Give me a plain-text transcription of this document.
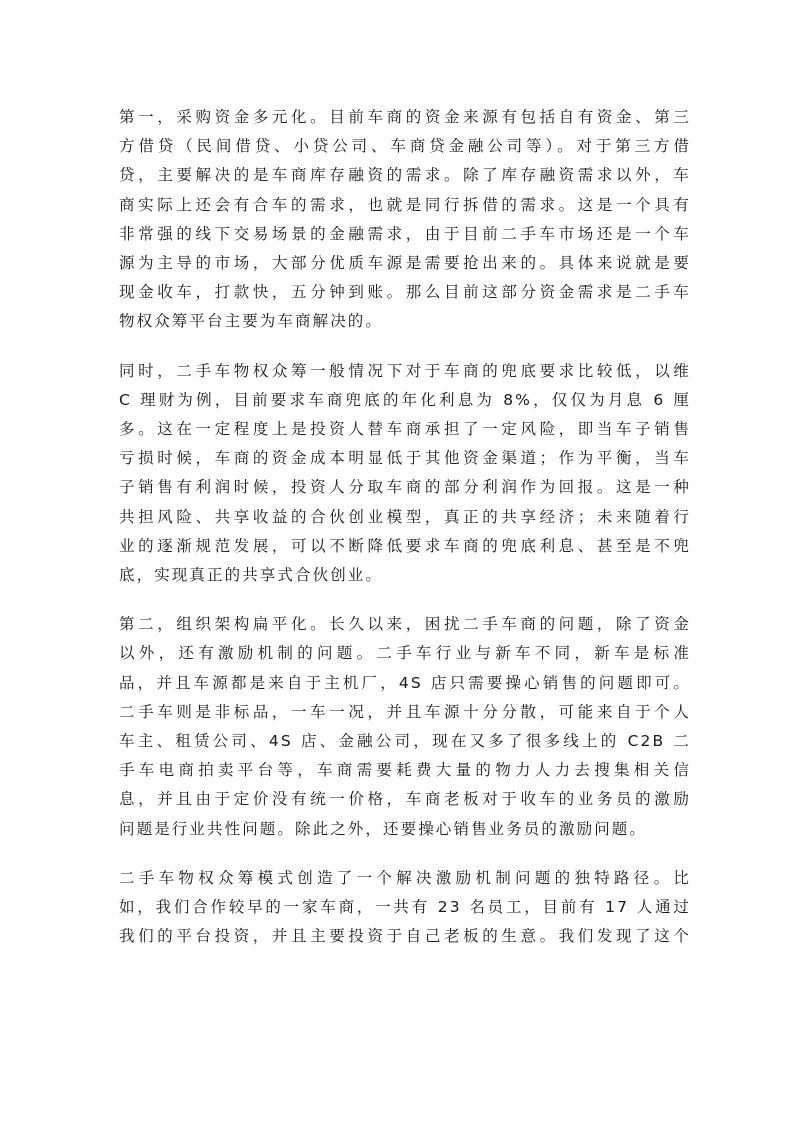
第一，采购资金多元化。目前车商的资金来源有包括自有资金、第三
方借贷（民间借贷、小贷公司、车商贷金融公司等）。对于第三方借
贷，主要解决的是车商库存融资的需求。除了库存融资需求以外，车
商实际上还会有合车的需求，也就是同行拆借的需求。这是一个具有
非常强的线下交易场景的金融需求，由于目前二手车市场还是一个车
源为主导的市场，大部分优质车源是需要抢出来的。具体来说就是要
现金收车，打款快，五分钟到账。那么目前这部分资金需求是二手车
物权众筹平台主要为车商解决的。
同时，二手车物权众筹一般情况下对于车商的兜底要求比较低，以维
C 理财为例，目前要求车商兜底的年化利息为 8%，仅仅为月息 6 厘
多。这在一定程度上是投资人替车商承担了一定风险，即当车子销售
亏损时候，车商的资金成本明显低于其他资金渠道；作为平衡，当车
子销售有利润时候，投资人分取车商的部分利润作为回报。这是一种
共担风险、共享收益的合伙创业模型，真正的共享经济；未来随着行
业的逐渐规范发展，可以不断降低要求车商的兜底利息、甚至是不兜
底，实现真正的共享式合伙创业。
第二，组织架构扁平化。长久以来，困扰二手车商的问题，除了资金
以外，还有激励机制的问题。二手车行业与新车不同，新车是标准
品，并且车源都是来自于主机厂，4S 店只需要操心销售的问题即可。
二手车则是非标品，一车一况，并且车源十分分散，可能来自于个人
车主、租赁公司、4S 店、金融公司，现在又多了很多线上的 C2B 二
手车电商拍卖平台等，车商需要耗费大量的物力人力去搜集相关信
息，并且由于定价没有统一价格，车商老板对于收车的业务员的激励
问题是行业共性问题。除此之外，还要操心销售业务员的激励问题。
二手车物权众筹模式创造了一个解决激励机制问题的独特路径。比
如，我们合作较早的一家车商，一共有 23 名员工，目前有 17 人通过
我们的平台投资，并且主要投资于自己老板的生意。我们发现了这个
